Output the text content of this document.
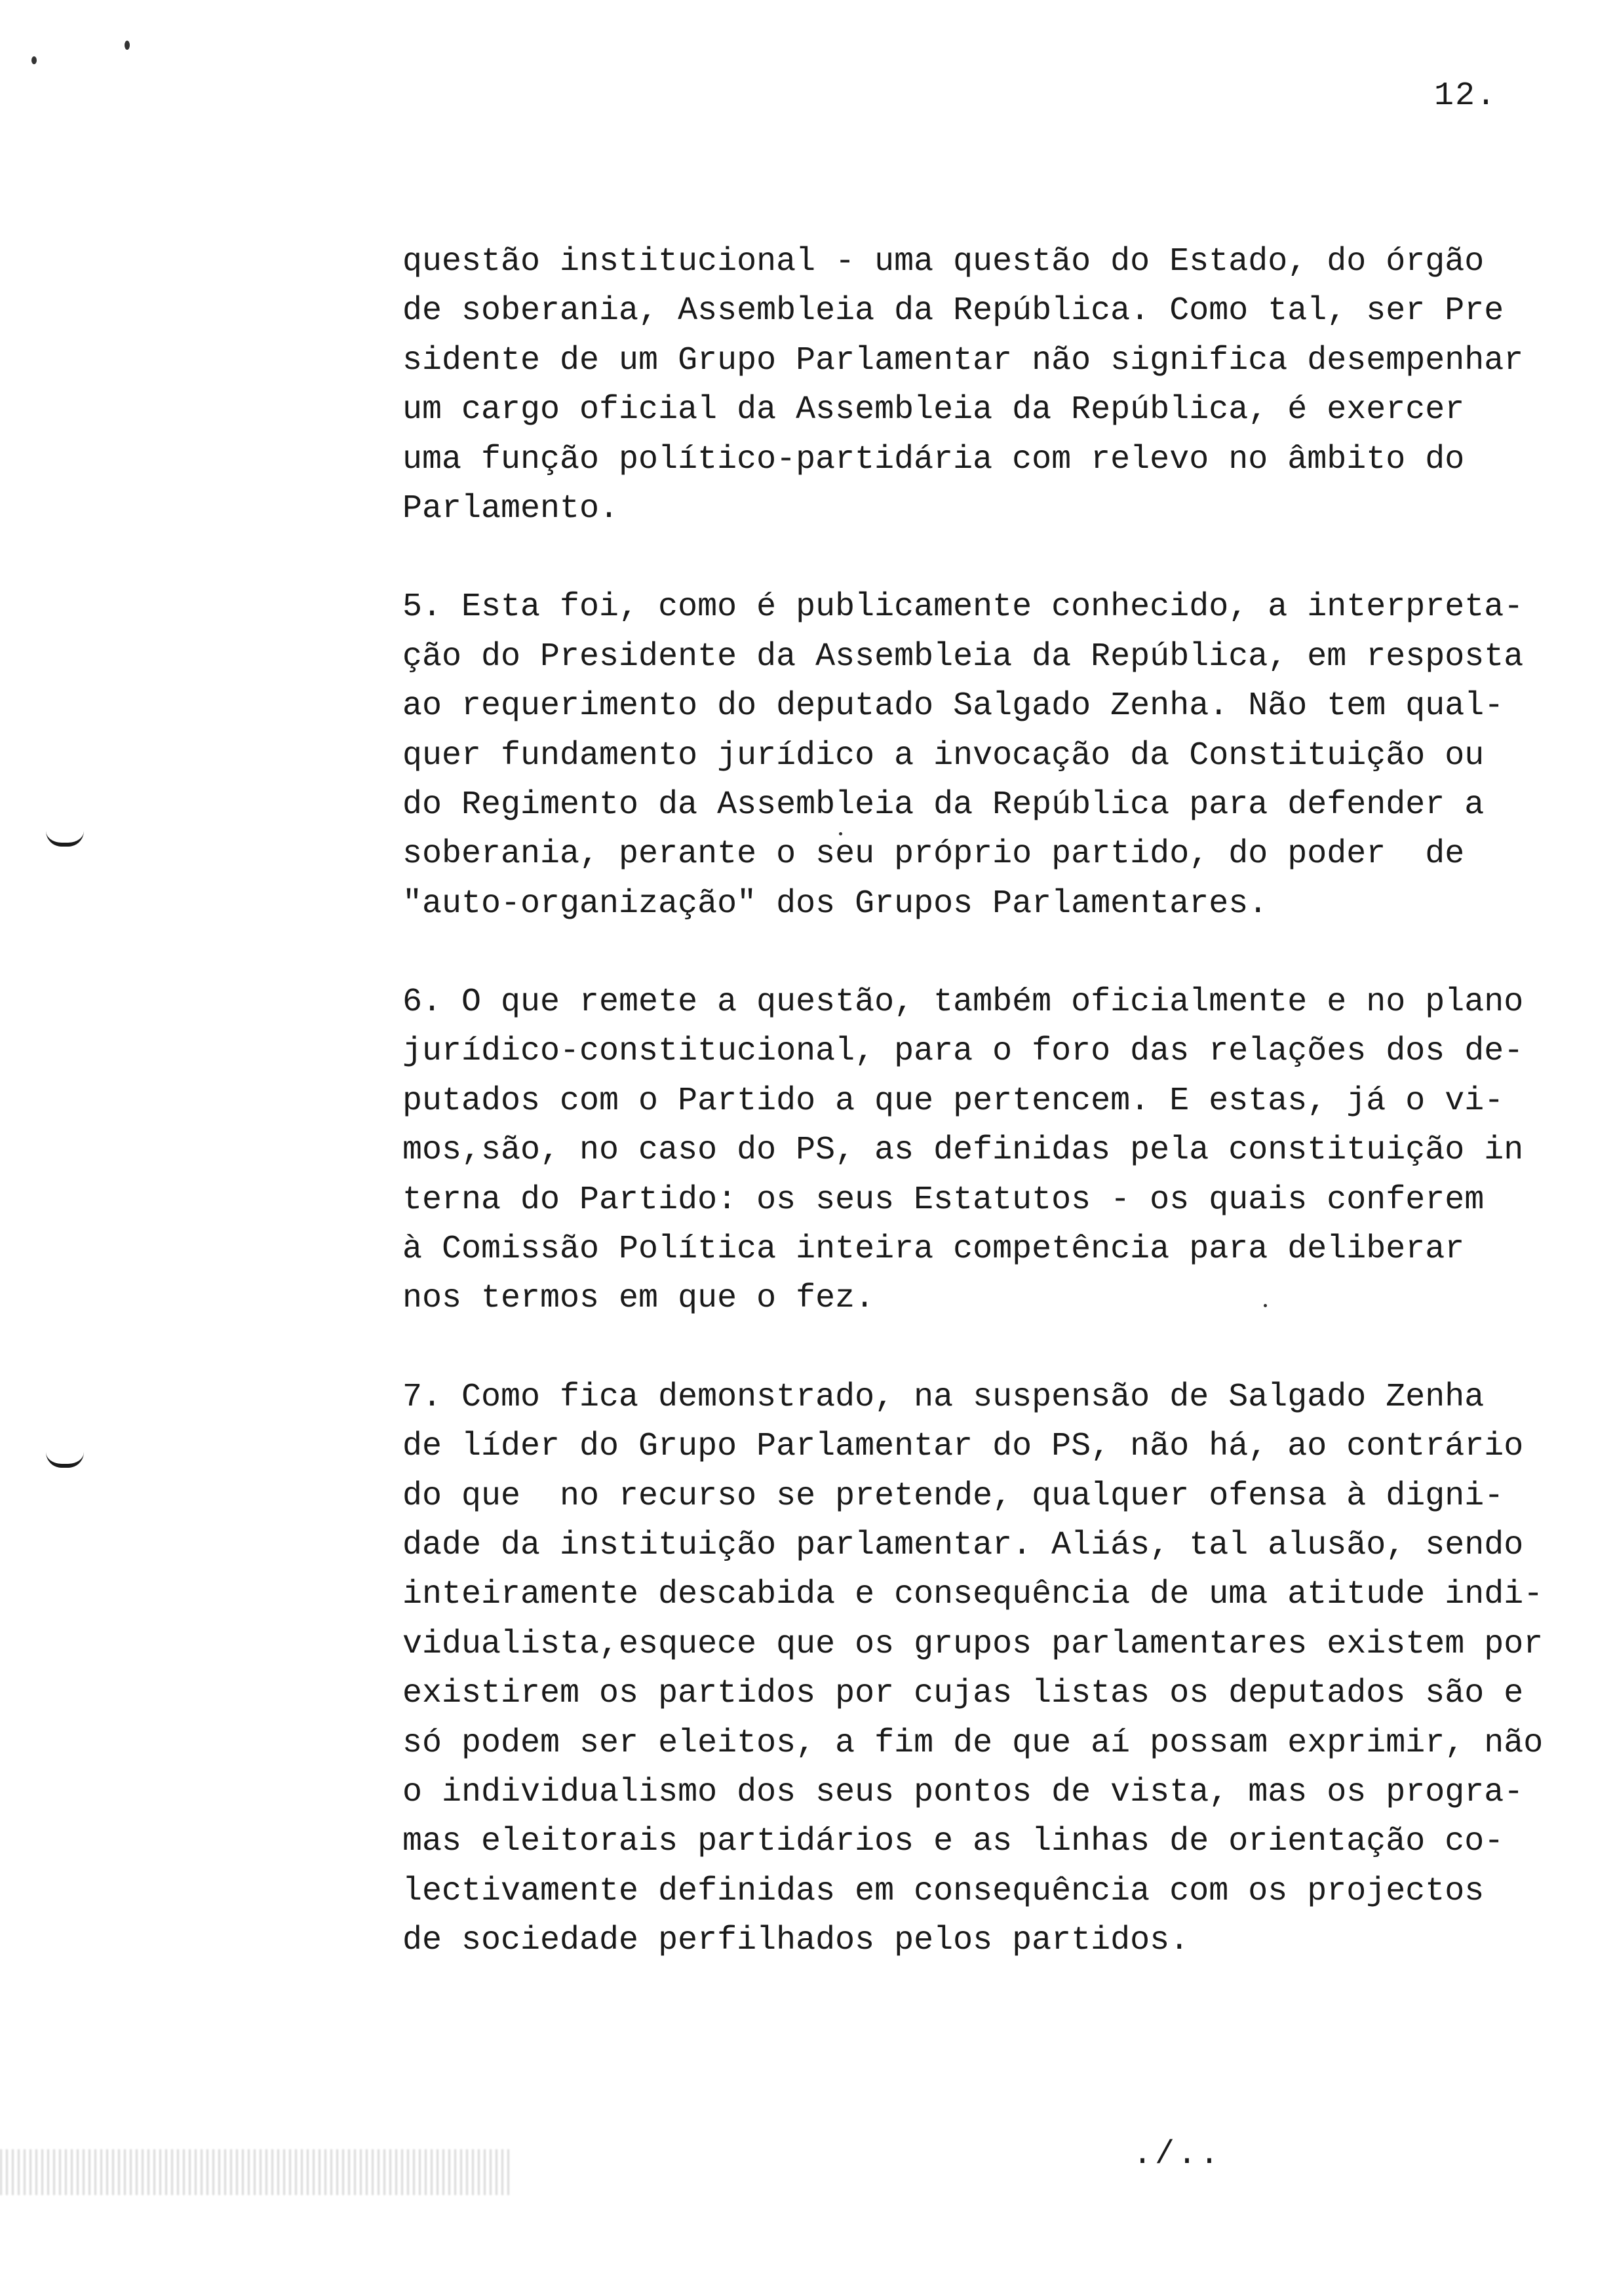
12.
questão institucional - uma questão do Estado, do órgão
de soberania, Assembleia da República. Como tal, ser Pre
sidente de um Grupo Parlamentar não significa desempenhar
um cargo oficial da Assembleia da República, é exercer
uma função político-partidária com relevo no âmbito do
Parlamento.
5. Esta foi, como é publicamente conhecido, a interpreta-
ção do Presidente da Assembleia da República, em resposta
ao requerimento do deputado Salgado Zenha. Não tem qual-
quer fundamento jurídico a invocação da Constituição ou
do Regimento da Assembleia da República para defender a
soberania, perante o seu próprio partido, do poder  de
"auto-organização" dos Grupos Parlamentares.
6. O que remete a questão, também oficialmente e no plano
jurídico-constitucional, para o foro das relações dos de-
putados com o Partido a que pertencem. E estas, já o vi-
mos,são, no caso do PS, as definidas pela constituição in
terna do Partido: os seus Estatutos - os quais conferem
à Comissão Política inteira competência para deliberar
nos termos em que o fez.
7. Como fica demonstrado, na suspensão de Salgado Zenha
de líder do Grupo Parlamentar do PS, não há, ao contrário
do que  no recurso se pretende, qualquer ofensa à digni-
dade da instituição parlamentar. Aliás, tal alusão, sendo
inteiramente descabida e consequência de uma atitude indi-
vidualista,esquece que os grupos parlamentares existem por
existirem os partidos por cujas listas os deputados são e
só podem ser eleitos, a fim de que aí possam exprimir, não
o individualismo dos seus pontos de vista, mas os progra-
mas eleitorais partidários e as linhas de orientação co-
lectivamente definidas em consequência com os projectos
de sociedade perfilhados pelos partidos.
./..
